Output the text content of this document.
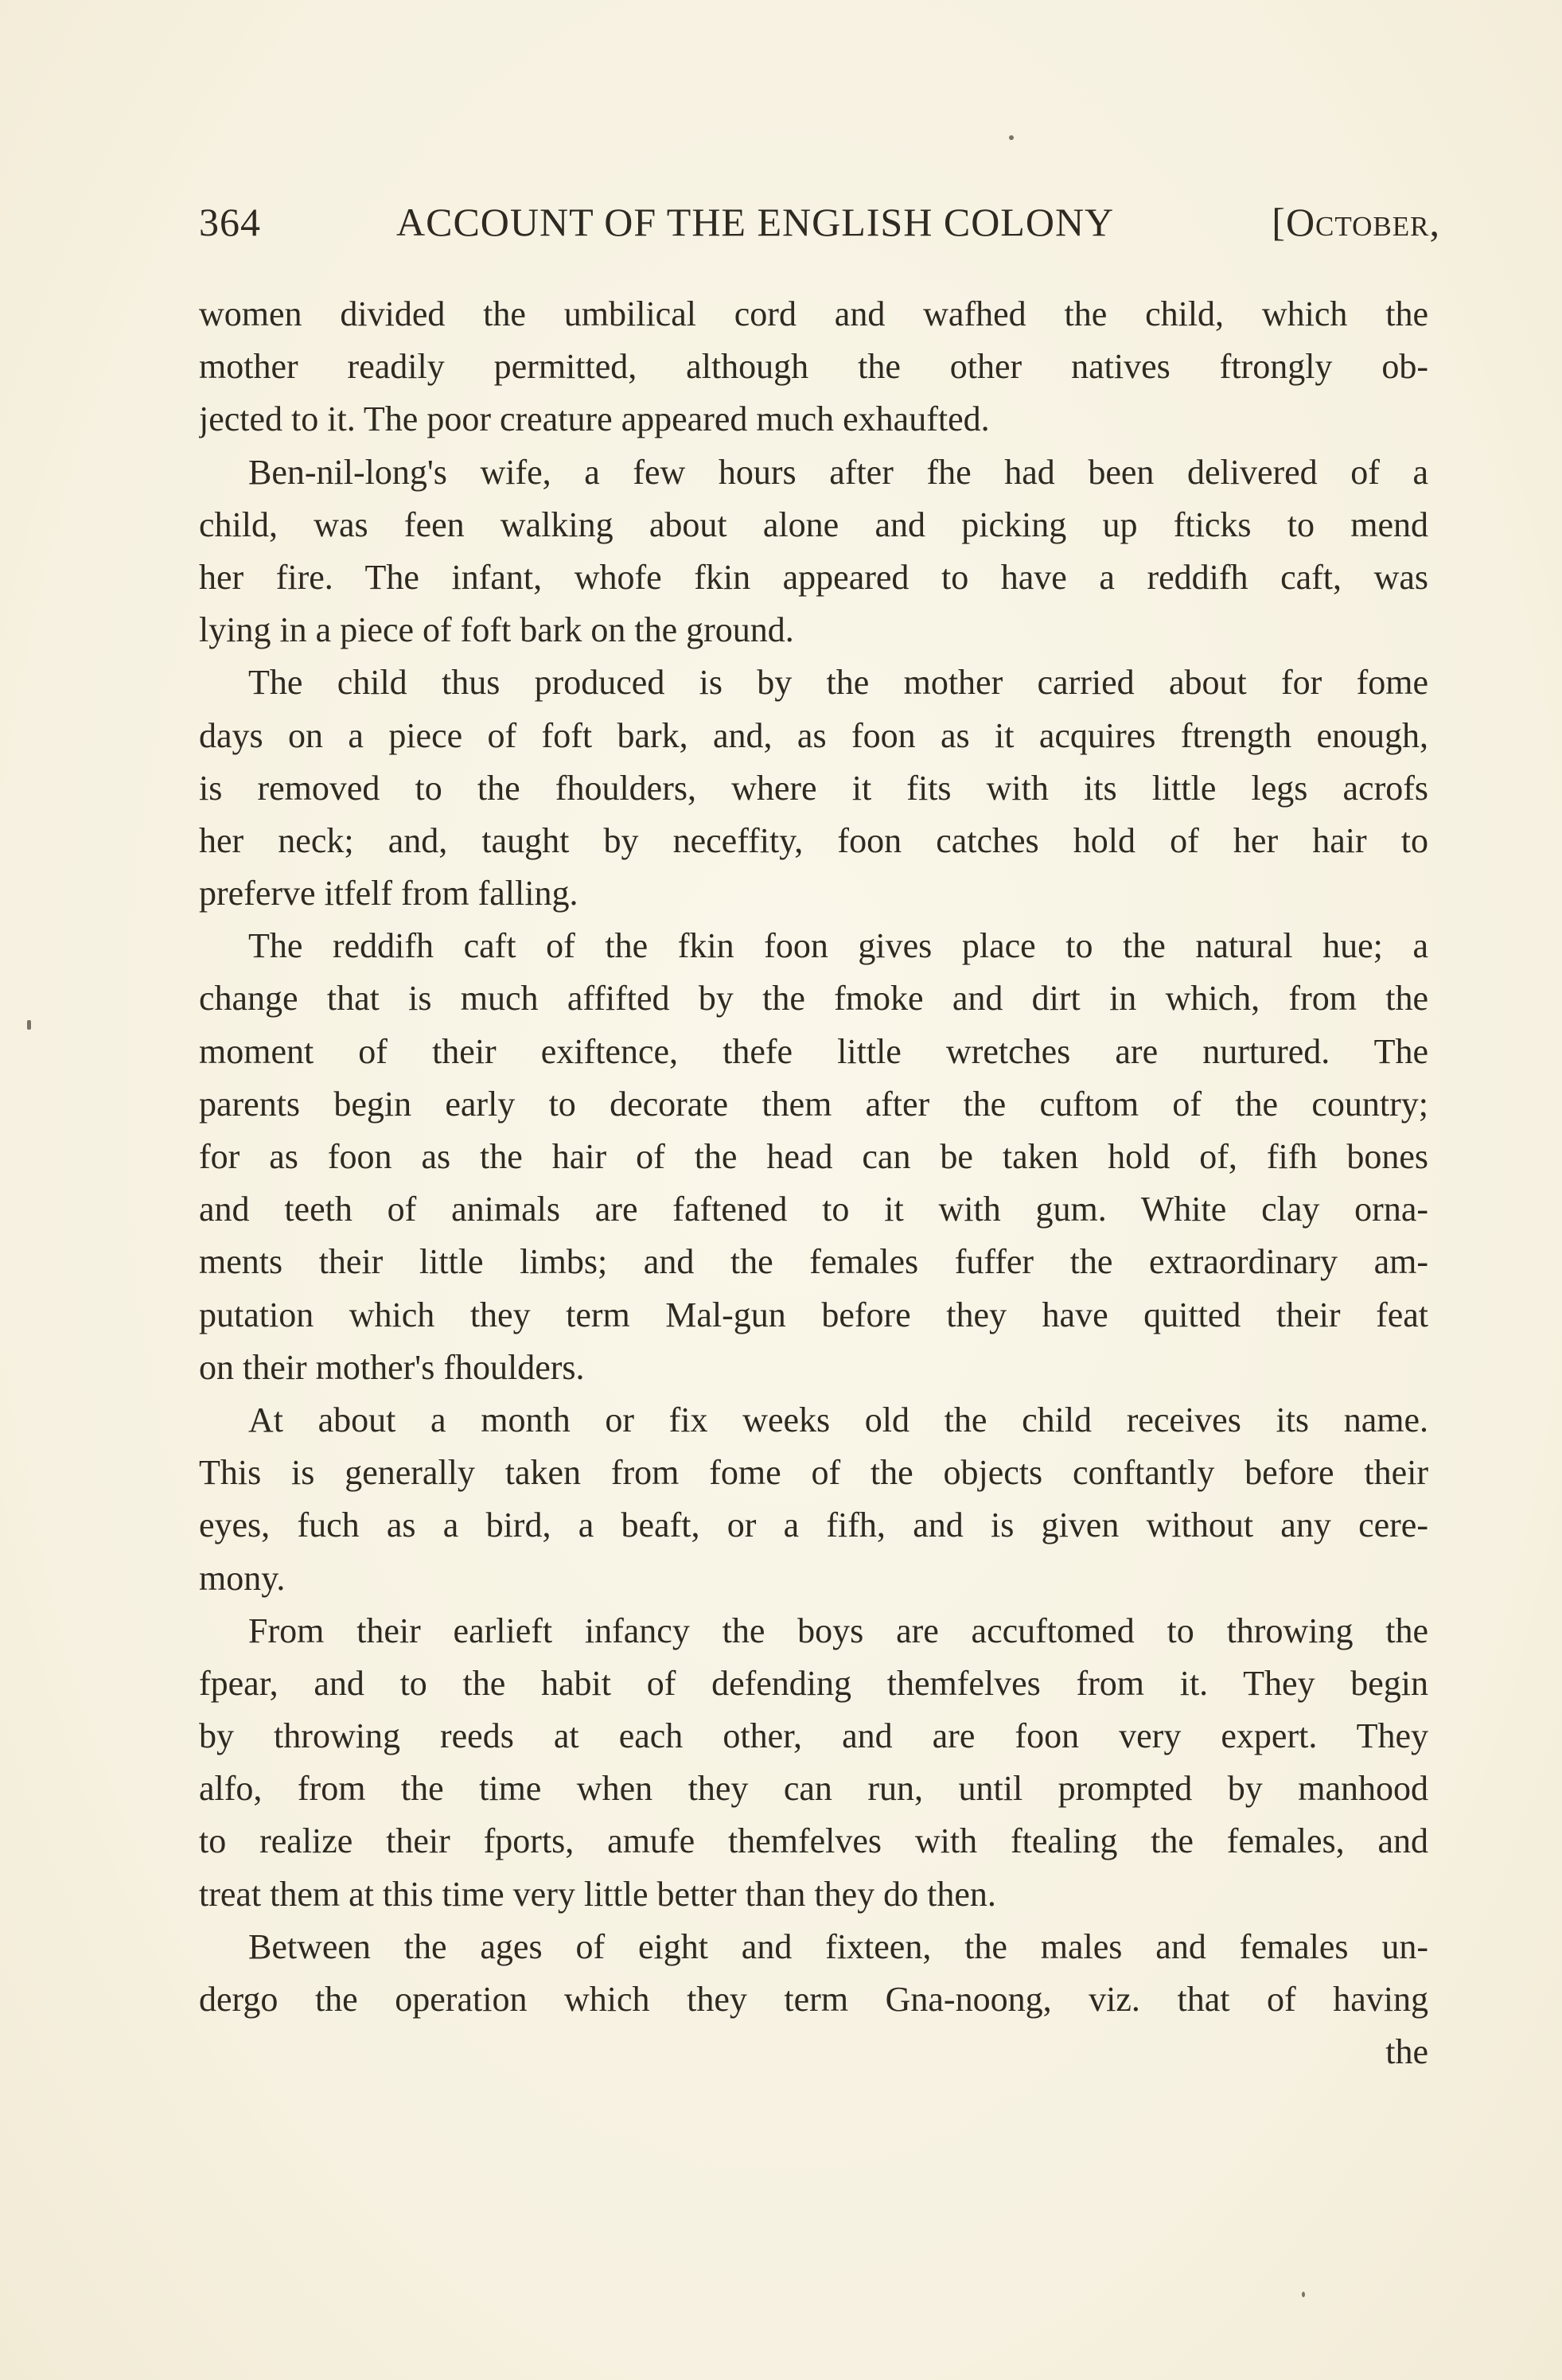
364	ACCOUNT OF THE ENGLISH COLONY	[October,
women divided the umbilical cord and wafhed the child, which the
mother readily permitted, although the other natives ftrongly ob-
jected to it. The poor creature appeared much exhaufted.
Ben-nil-long's wife, a few hours after fhe had been delivered of a
child, was feen walking about alone and picking up fticks to mend
her fire. The infant, whofe fkin appeared to have a reddifh caft, was
lying in a piece of foft bark on the ground.
The child thus produced is by the mother carried about for fome
days on a piece of foft bark, and, as foon as it acquires ftrength enough,
is removed to the fhoulders, where it fits with its little legs acrofs
her neck; and, taught by neceffity, foon catches hold of her hair to
preferve itfelf from falling.
The reddifh caft of the fkin foon gives place to the natural hue; a
change that is much affifted by the fmoke and dirt in which, from the
moment of their exiftence, thefe little wretches are nurtured. The
parents begin early to decorate them after the cuftom of the country;
for as foon as the hair of the head can be taken hold of, fifh bones
and teeth of animals are faftened to it with gum. White clay orna-
ments their little limbs; and the females fuffer the extraordinary am-
putation which they term Mal-gun before they have quitted their feat
on their mother's fhoulders.
At about a month or fix weeks old the child receives its name.
This is generally taken from fome of the objects conftantly before their
eyes, fuch as a bird, a beaft, or a fifh, and is given without any cere-
mony.
From their earlieft infancy the boys are accuftomed to throwing the
fpear, and to the habit of defending themfelves from it. They begin
by throwing reeds at each other, and are foon very expert. They
alfo, from the time when they can run, until prompted by manhood
to realize their fports, amufe themfelves with ftealing the females, and
treat them at this time very little better than they do then.
Between the ages of eight and fixteen, the males and females un-
dergo the operation which they term Gna-noong, viz. that of having
the
